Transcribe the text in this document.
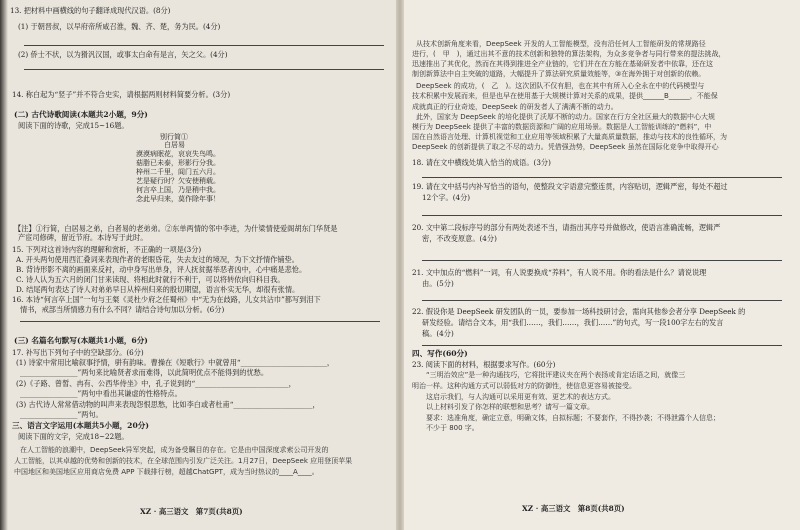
13. 把材料中画横线的句子翻译成现代汉语。(8分)
(1) 于朝晋叔，以早府帝所咸召淮，魏、齐、楚，务为民。(4分)
(2) 侨士不状，以为猾汎汉国，或事太白命有是言，矢之父。(4分)
14. 称白起为“竖子”并不符合史实，请根据两则材料简要分析。(3分)
(二) 古代诗歌阅读(本题共2小题，9分)
阅读下面的诗歌，完成15~16题。
别行简①
白居易
漠漠病眠花，哀哀失鸟鸣。
菇脂已未泰，形影行分我。
梓州二千里，闾门五六月。
艺是疑行时？欠安使稍载。
何言卒上国，乃是稍中我。
念此早归来，莫作除年事！
【注】①行简，白居易之弟，白者易的老弟弟。②东单两情的邻中李进，为什梁情使爱阁胡东门华贤是
产宦司修碑，留近节府。本诗写于此时。
15. 下列对这首诗内容的理解和赏析，不正确的一项是(3分)
A. 开头两句使用西汇叠词来表现作者的老眼昏花，失去友过的境况，为下文抒情作铺垫。
B. 背诗形影不离的画面来反衬，动中身写出单身，评人抚贫据举恶者凶中，心中痛是悲怆。
C. 诗人认为五六月的闭门甘来读现、将相此时就行不利于，可以将转依向归科目我。
D. 结尾两句表达了诗人对弟弟早日从梓州归来的殷切期望，语言朴实无华，却很有张情。
16. 本诗“何言卒上国”一句与王粲《灵杜少府之任蜀州》中“无为在歧路，儿女共沾巾”都写到泪下
情书，戒部当所情感力有什么不同？请结合诗句加以分析。(6分)
(三) 名篇名句默写(本题共1小题，6分)
17. 补写出下列句子中的空缺部分。(6分)
(1) 诗家中常用比喻叙事抒情，骈有韵味。曹操在《短歌行》中就曾用“________________________，
________________”两句来比喻贤者求而难得，以此简明优点不能得到的忧愁。
(2)《子路、曾皙、冉有、公西华侍坐》中，孔子说到的“__________________________，
________________”两句中看出其谦虚的性格特点。
(3) 古代诗人常常借动物的叫声来表现怨恨思愁，比如李白或者杜甫“______________________，
________________”两句。
三、语言文字运用(本题共5小题，20分)
阅读下面的文字，完成18~22题。
在人工智能的浪潮中，DeepSeek异军突起，成为备受瞩目的存在。它是由中国深度求索公司开发的
人工智能，以其卓越的优势和创新的技术，在全球范围内引发广泛关注。1月27日，DeepSeek 应用登顶苹果
中国地区和美国地区应用商店免费 APP 下载排行榜，超越ChatGPT，成为当时热议的____A____。
XZ · 高三语文　第7页(共8页)
从技术创新角度来看，DeepSeek 开发的人工智能模型，没有沿任何人工智能研发的常规路径
进行，(　甲　)，通过出其不意的技术创新和独特的算法架构，为众多竞争者与同行带来的提法挑战，
迅速推出了其优化，然而在其得到推进全产业链的，它们并在在方能在基础研发者中依靠，还在这
制创新算法中自主突破的道路，大幅提升了算法研究质量效能等，③在海外拥于对创新的依赖。
DeepSeek 的成功，(　乙　)。这次团队不仅有胆，也在其中有所入心全永在中的代码模型与
技术积累中发展而来，但是也早在使用基于大规模计算对关系的成果，提供______B______，不能保
成就真正的行业奇迹，DeepSeek 的研发者人了满满不断的动力。
此外，国家为 DeepSeek 的培化提供了沃厚不断的动力。国家在行方全社区最大的数据中心大规
模行为 DeepSeek 提供了丰富的数据资源和广阔的应用场景。数据是人工智能训练的“燃料”，中
国在自然语言处理、计算机视觉和工业应用等领域积累了大量高质量数据，推动与技术的良性循环，为
DeepSeek 的创新提供了取之不尽的动力。凭借强劲势，DeepSeek 虽然在国际化竞争中取得开心
18. 请在文中横线处填入恰当的成语。(3分)
19. 请在文中括号内补写恰当的语句，使整段文字语意完整连贯，内容贴切，逻辑严密，每处不超过
12个字。(4分)
20. 文中第二段标序号的部分有两处表述不当，请指出其序号并做修改，使语言准确流畅，逻辑严
密，不改变原意。(4分)
21. 文中加点的“燃料”一词，有人说要换成“养料”，有人说不用。你的看法是什么？请说说理
由。(5分)
22. 假设你是 DeepSeek 研发团队的一员，要参加一场科技研讨会，需向其他参会者分享 DeepSeek 的
研发经验。请结合文本，用“我们……，我们……，我们……”的句式，写一段100字左右的发言
稿。(4分)
四、写作(60分)
23. 阅读下面的材料，根据要求写作。(60分)
“三明治效应”是一种沟通技巧，它将批评建议夹在两个表扬或肯定话语之间，就像三
明治一样。这种沟通方式可以弱低对方的防御性，使信息更容易被接受。
这启示我们，与人沟通可以采用更有效、更艺术的表达方式。
以上材料引发了你怎样的联想和思考？请写一篇文章。
要求：选准角度，确定立意，明确文体，自拟标题；不要套作，不得抄袭；不得泄露个人信息；
不少于 800 字。
XZ · 高三语文　第8页(共8页)
